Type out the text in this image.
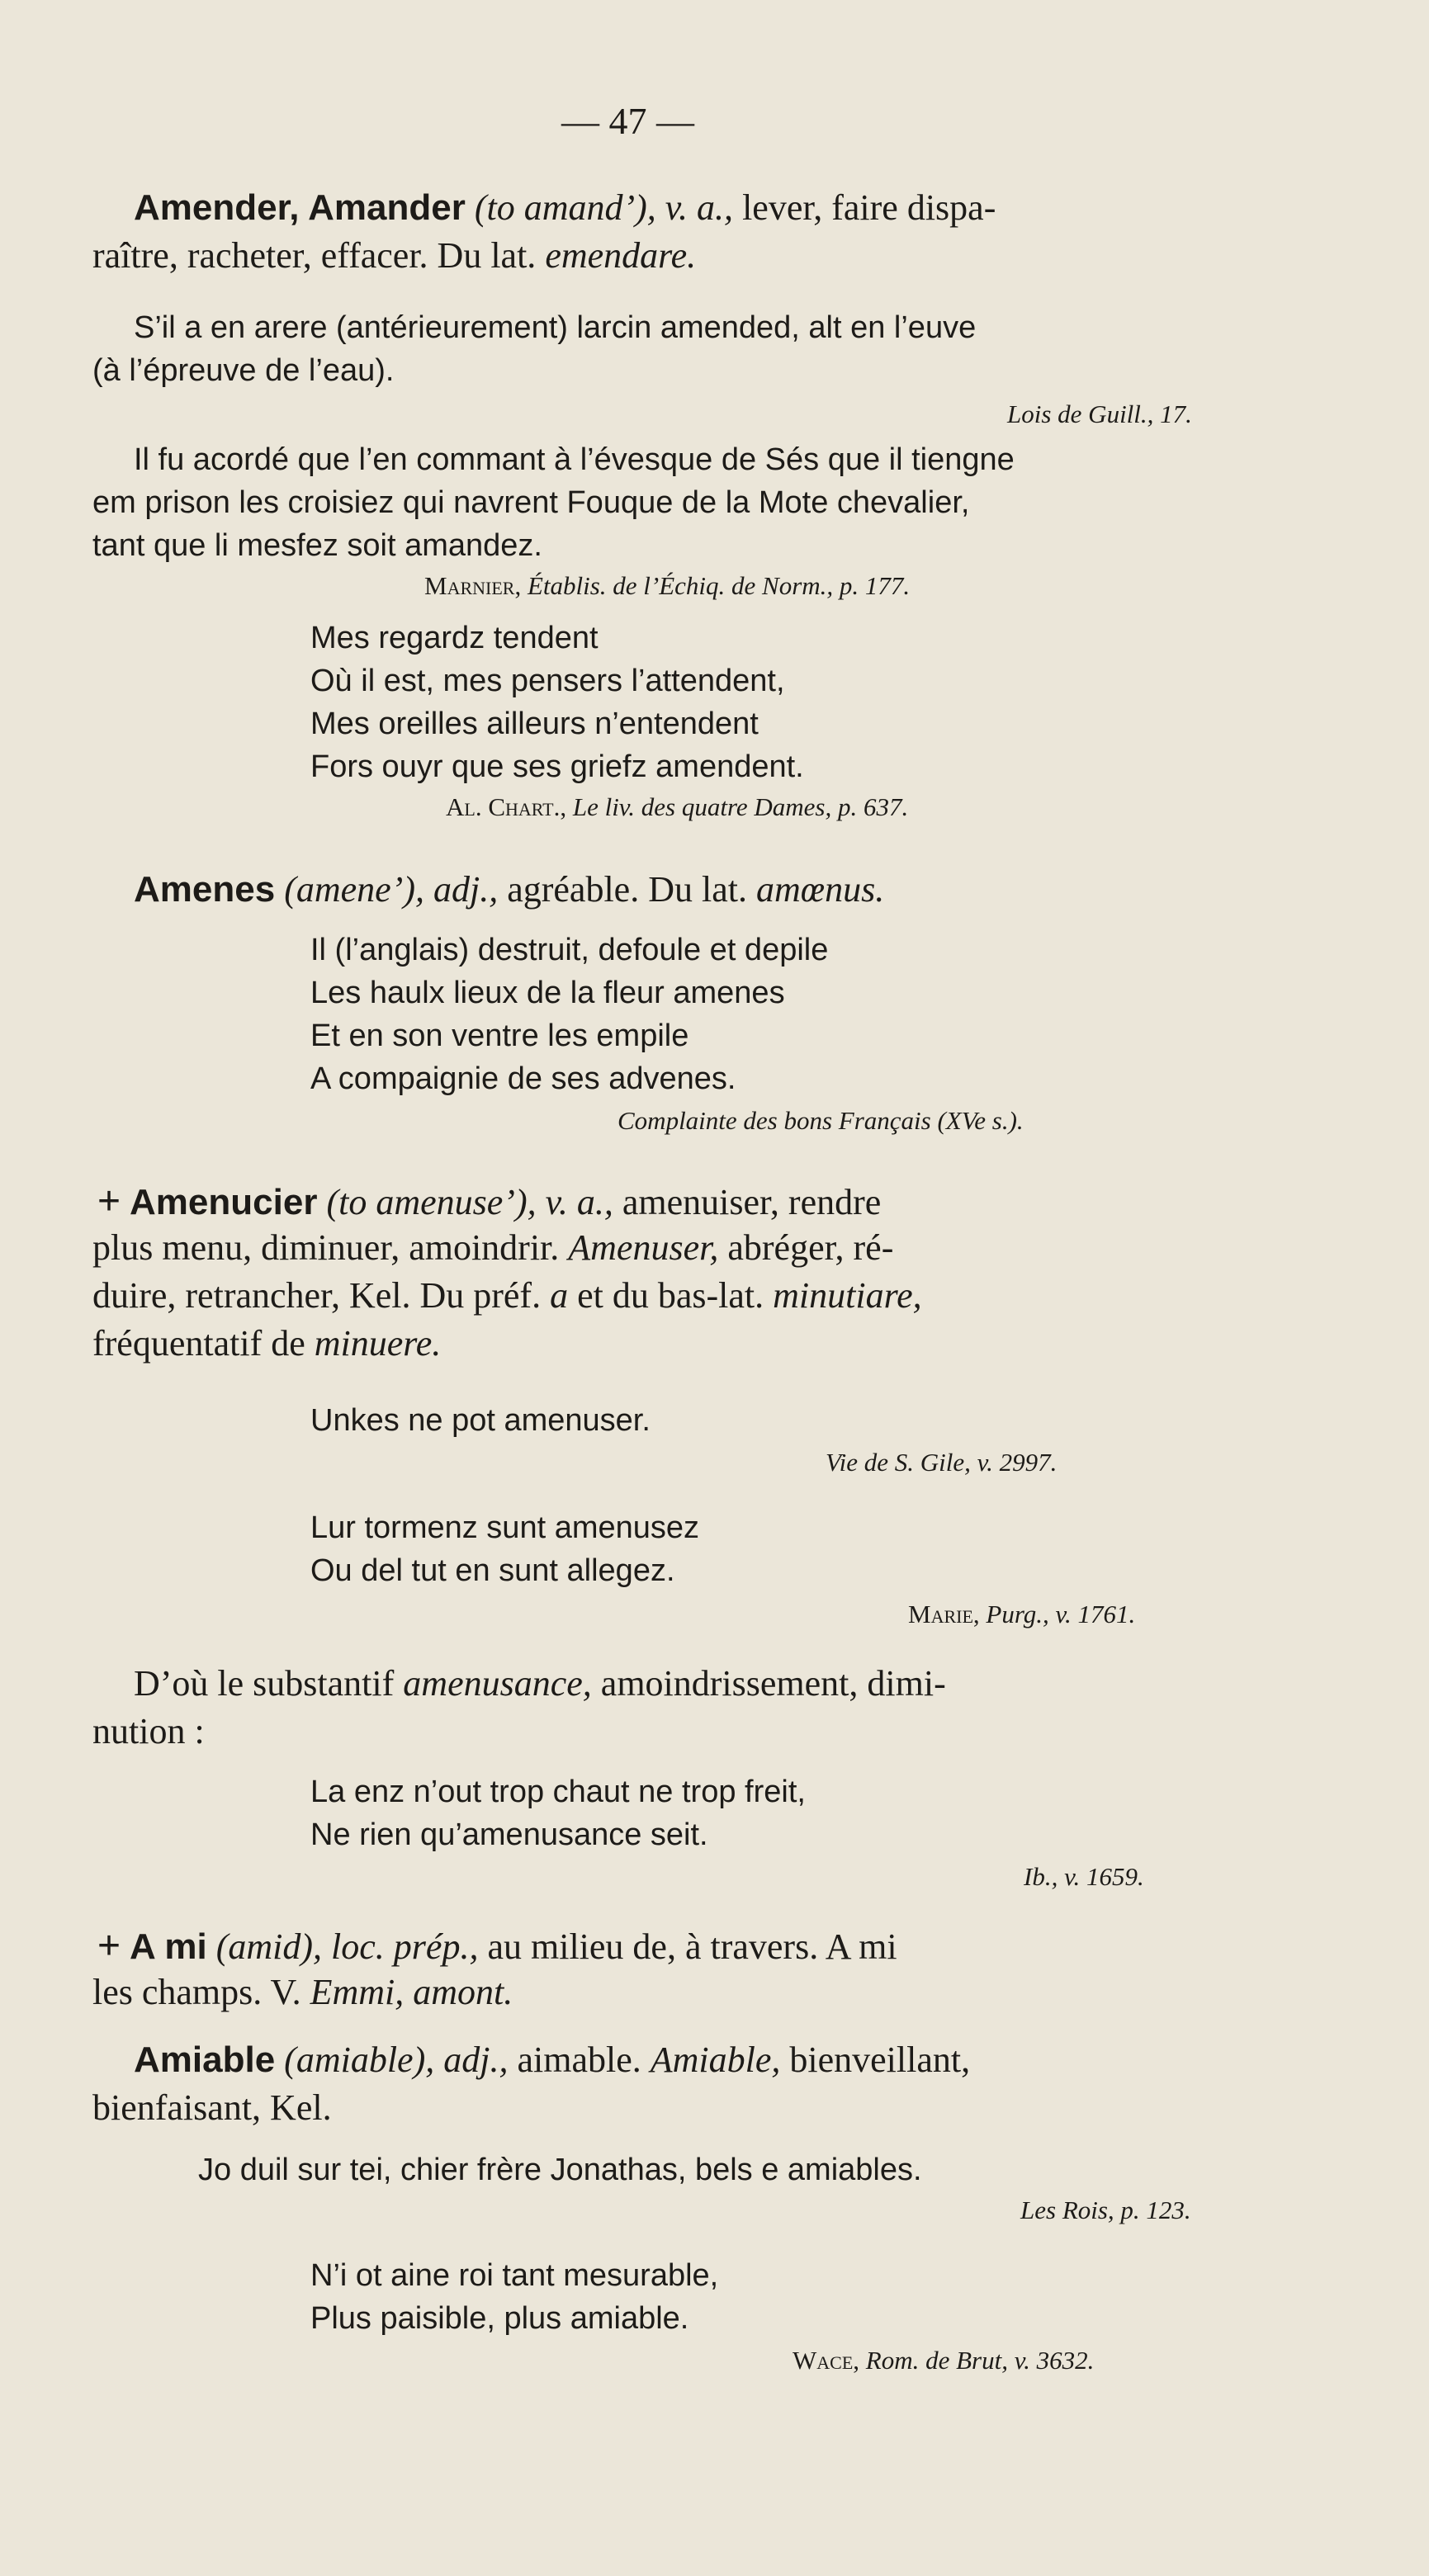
— 47 —
Amender, Amander (to amand’), v. a., lever, faire dispa-
raître, racheter, effacer. Du lat. emendare.
S’il a en arere (antérieurement) larcin amended, alt en l’euve
(à l’épreuve de l’eau).
Lois de Guill., 17.
Il fu acordé que l’en commant à l’évesque de Sés que il tiengne
em prison les croisiez qui navrent Fouque de la Mote chevalier,
tant que li mesfez soit amandez.
Marnier, Établis. de l’Échiq. de Norm., p. 177.
Mes regardz tendent
Où il est, mes pensers l’attendent,
Mes oreilles ailleurs n’entendent
Fors ouyr que ses griefz amendent.
Al. Chart., Le liv. des quatre Dames, p. 637.
Amenes (amene’), adj., agréable. Du lat. amœnus.
Il (l’anglais) destruit, defoule et depile
Les haulx lieux de la fleur amenes
Et en son ventre les empile
A compaignie de ses advenes.
Complainte des bons Français (XVe s.).
+ Amenucier (to amenuse’), v. a., amenuiser, rendre
plus menu, diminuer, amoindrir. Amenuser, abréger, ré-
duire, retrancher, Kel. Du préf. a et du bas-lat. minutiare,
fréquentatif de minuere.
Unkes ne pot amenuser.
Vie de S. Gile, v. 2997.
Lur tormenz sunt amenusez
Ou del tut en sunt allegez.
Marie, Purg., v. 1761.
D’où le substantif amenusance, amoindrissement, dimi-
nution :
La enz n’out trop chaut ne trop freit,
Ne rien qu’amenusance seit.
Ib., v. 1659.
+ A mi (amid), loc. prép., au milieu de, à travers. A mi
les champs. V. Emmi, amont.
Amiable (amiable), adj., aimable. Amiable, bienveillant,
bienfaisant, Kel.
Jo duil sur tei, chier frère Jonathas, bels e amiables.
Les Rois, p. 123.
N’i ot aine roi tant mesurable,
Plus paisible, plus amiable.
Wace, Rom. de Brut, v. 3632.
